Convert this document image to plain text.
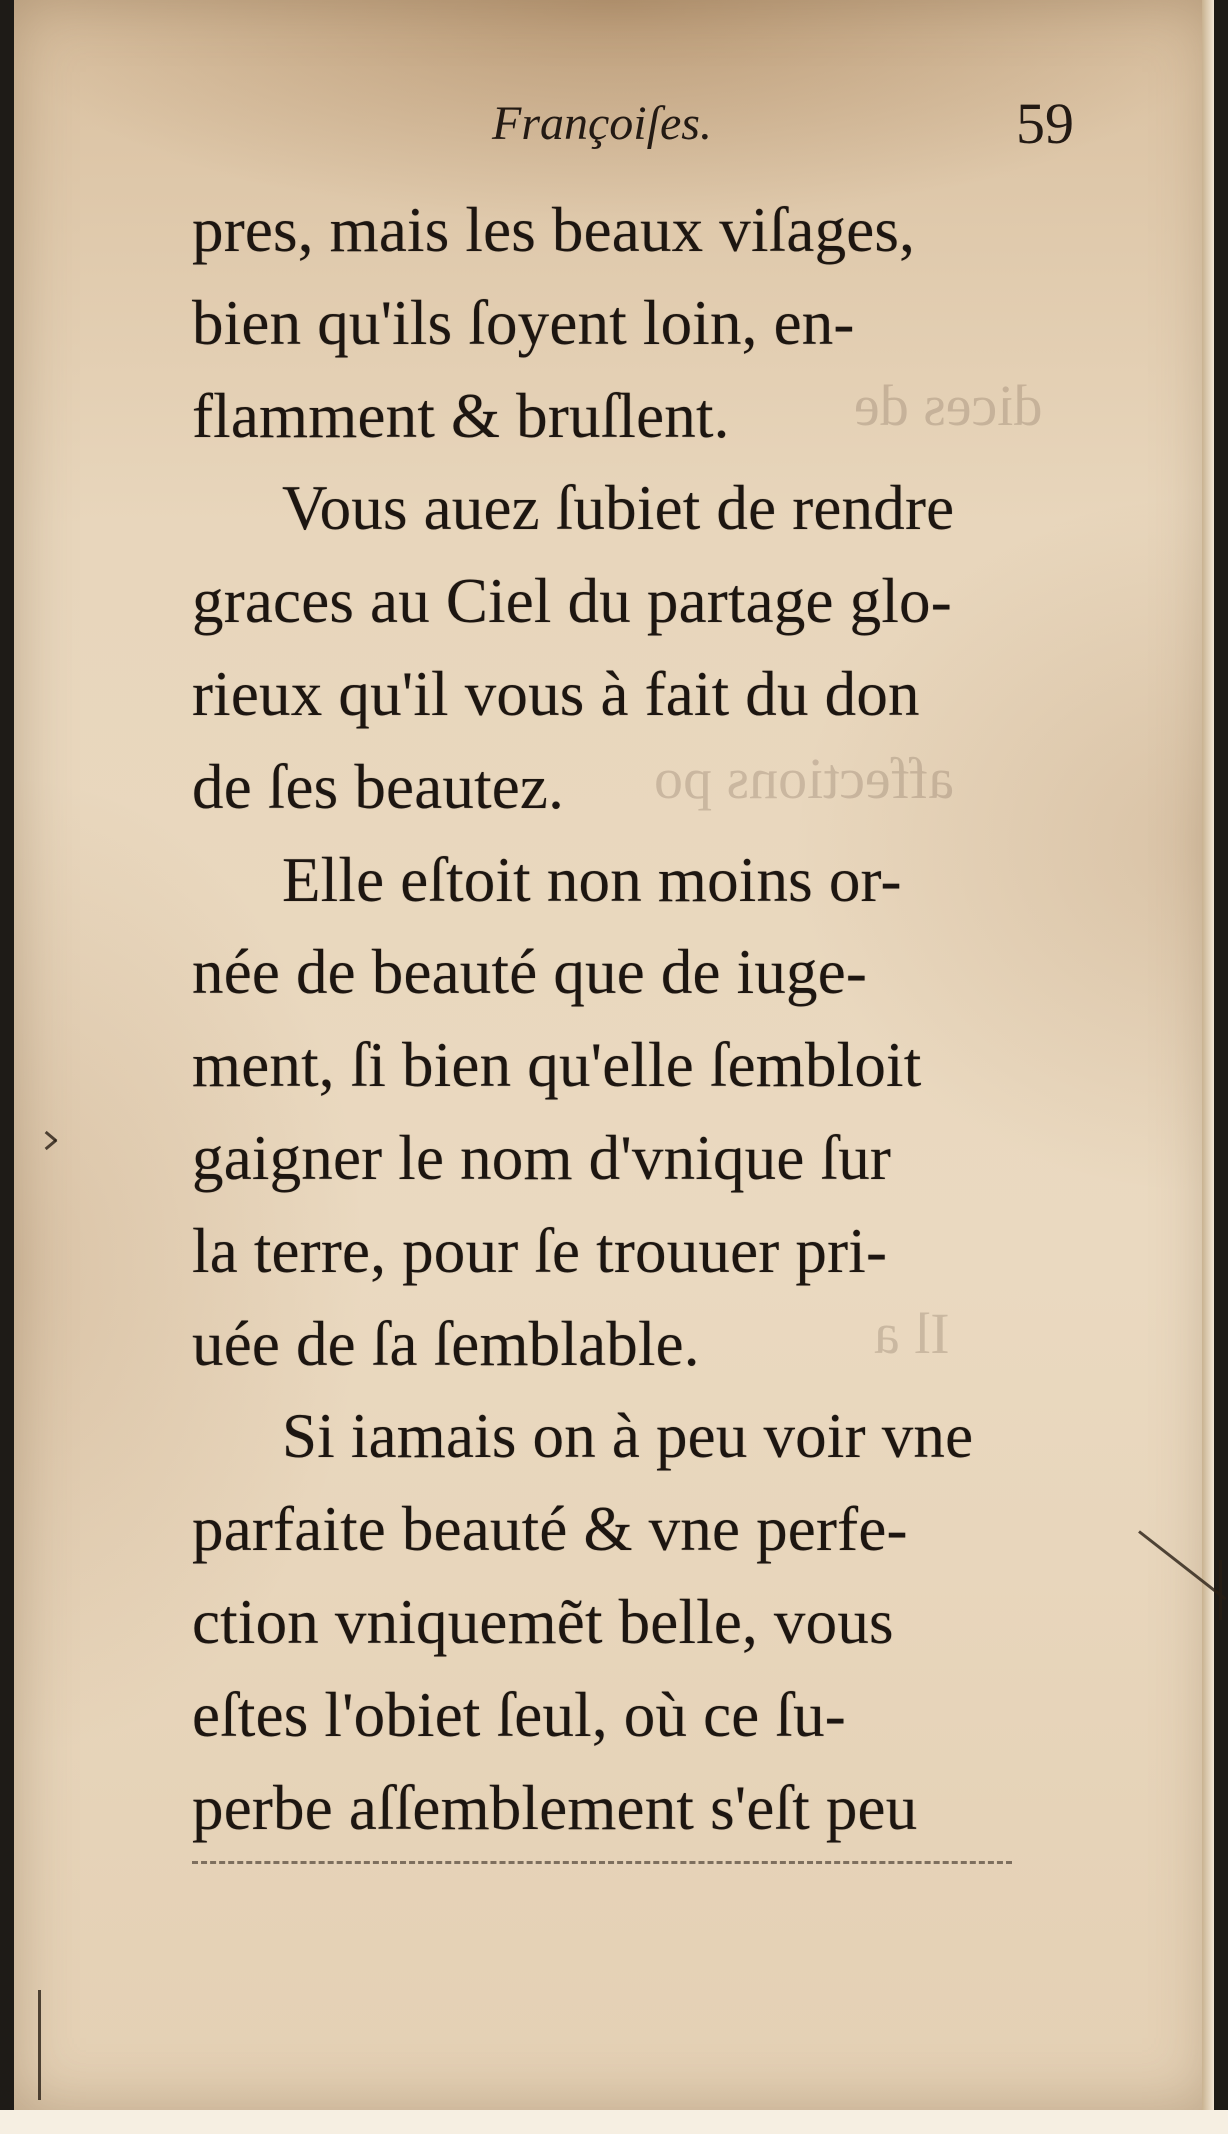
dices de
affections po
Il a
Françoiſes.	59
pres, mais les beaux viſages,
bien qu'ils ſoyent loin, en-
flamment & bruſlent.
Vous auez ſubiet de rendre
graces au Ciel du partage glo-
rieux qu'il vous à fait du don
de ſes beautez.
Elle eſtoit non moins or-
née de beauté que de iuge-
ment, ſi bien qu'elle ſembloit
gaigner le nom d'vnique ſur
la terre, pour ſe trouuer pri-
uée de ſa ſemblable.
Si iamais on à peu voir vne
parfaite beauté & vne perfe-
ction vniquemẽt belle, vous
eſtes l'obiet ſeul, où ce ſu-
perbe aſſemblement s'eſt peu
